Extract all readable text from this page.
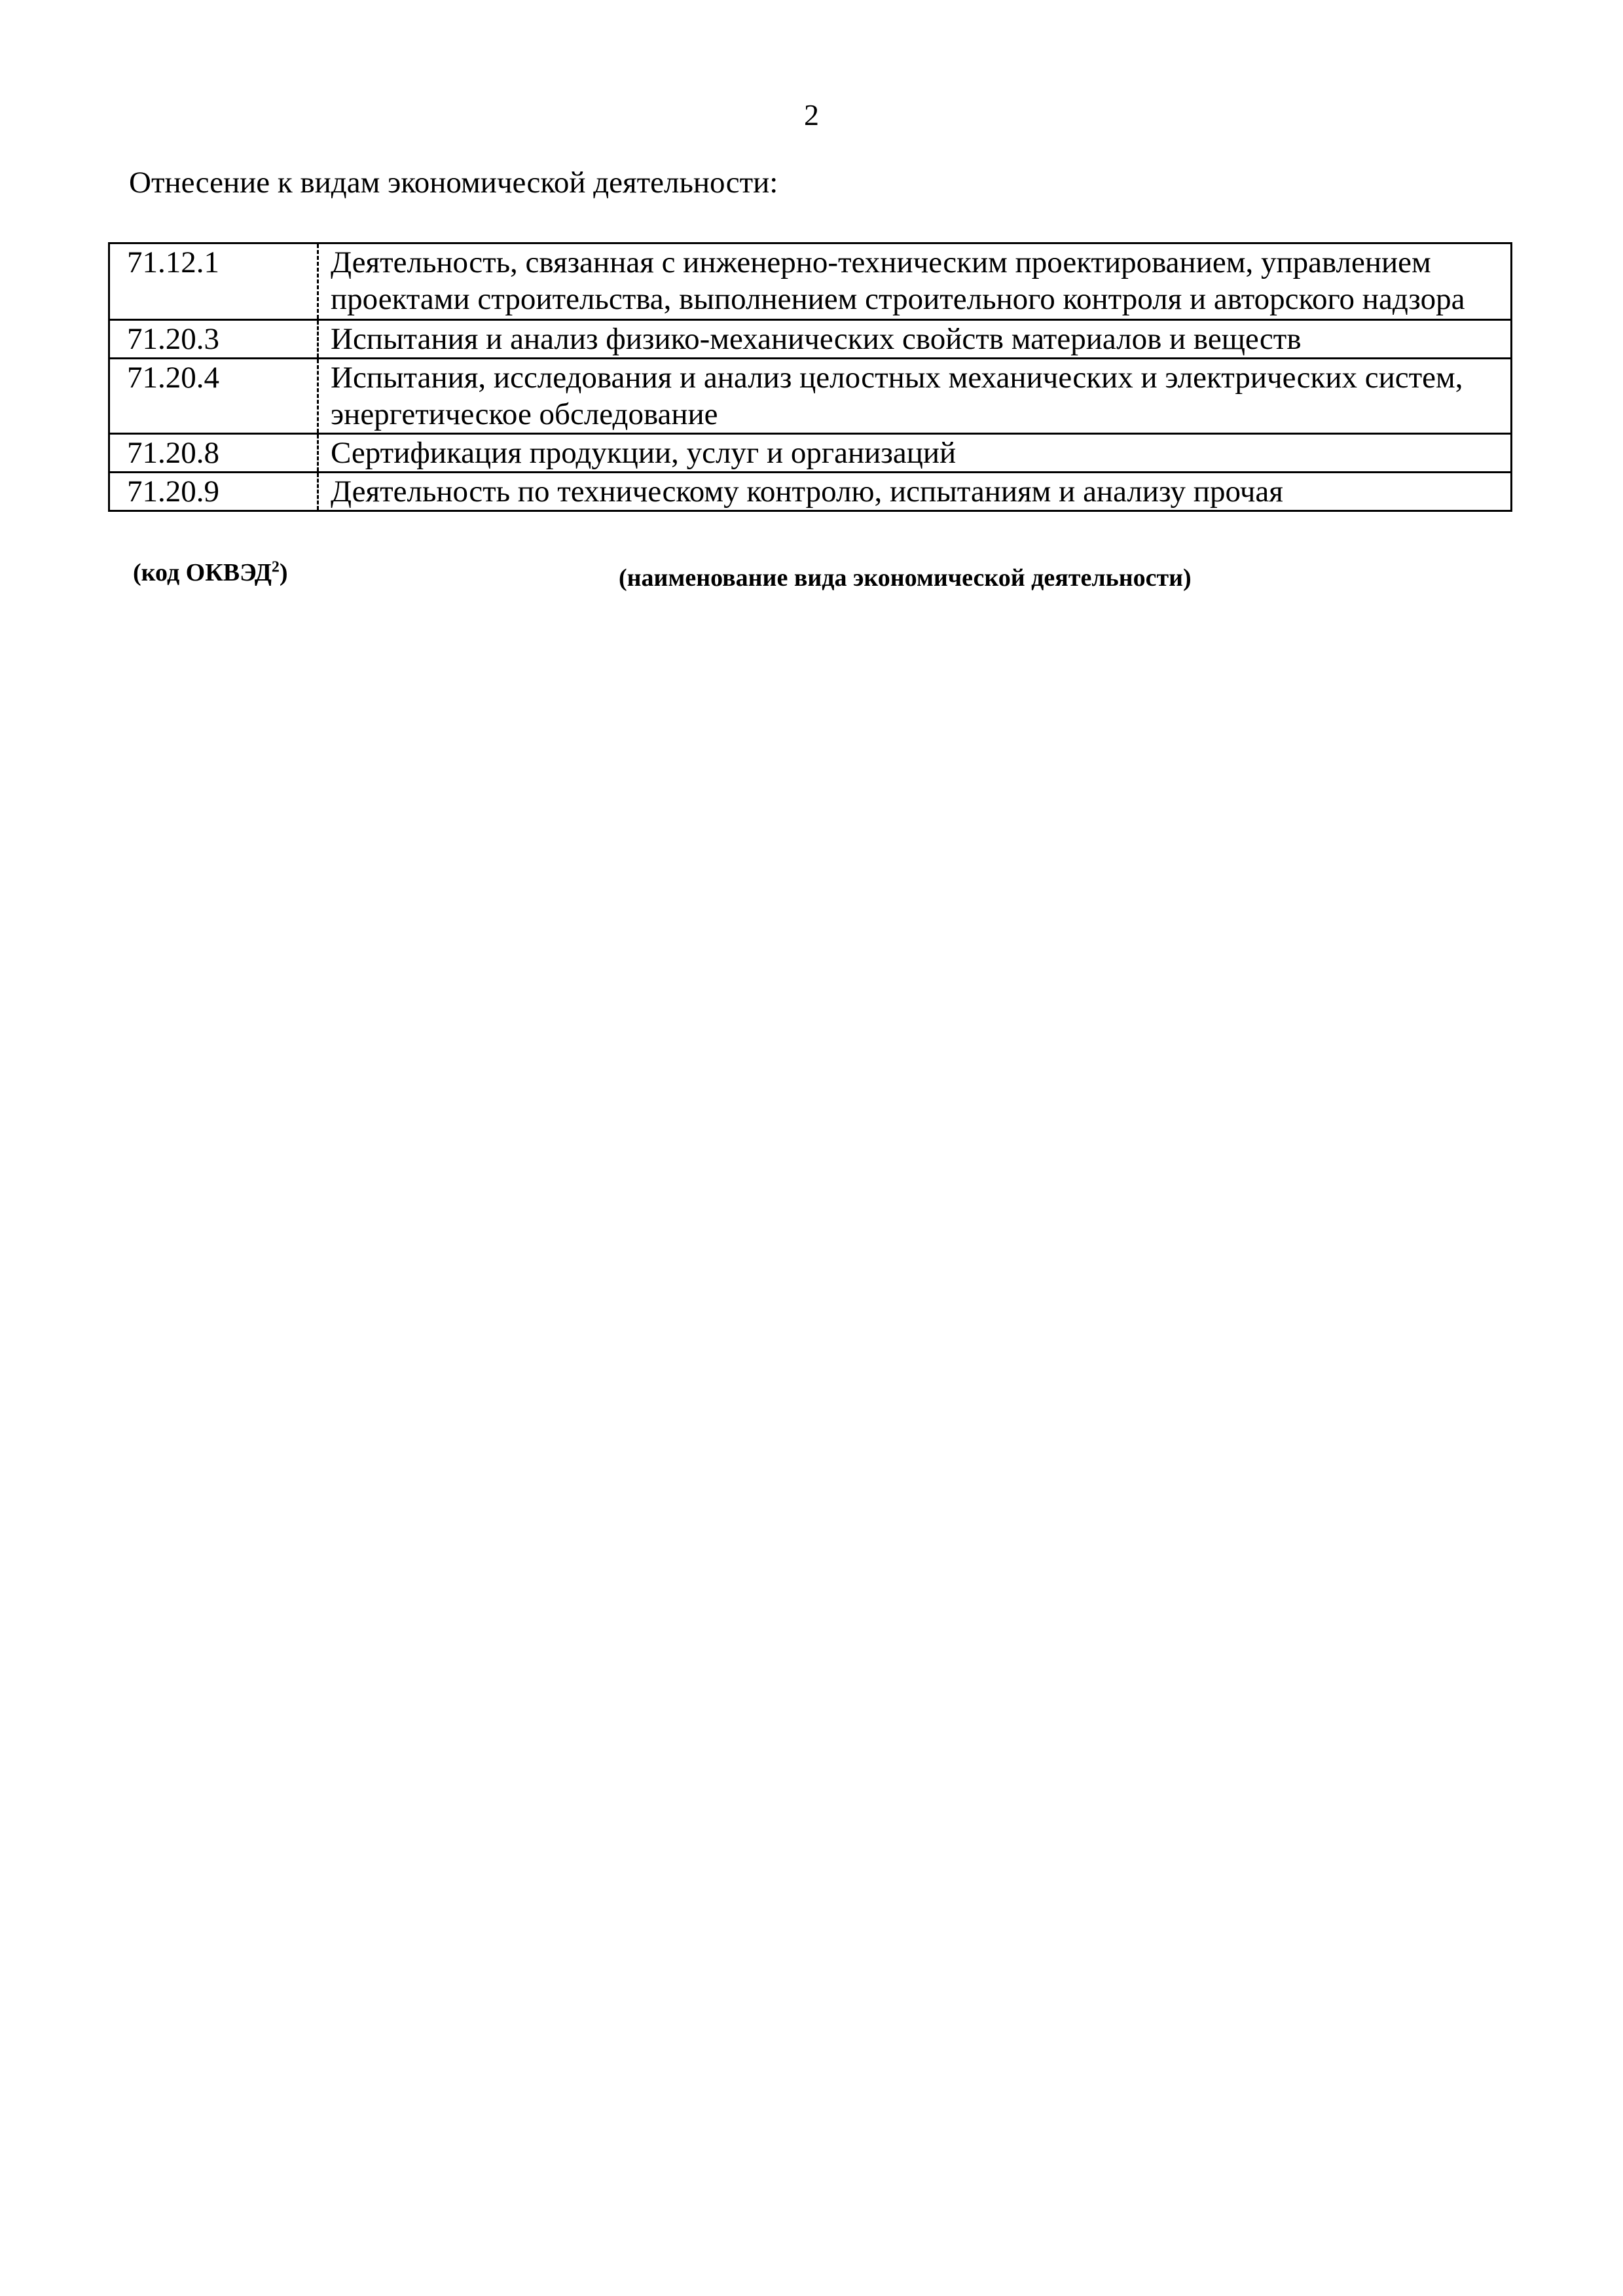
2
Отнесение к видам экономической деятельности:
71.12.1	Деятельность, связанная с инженерно-техническим проектированием, управлением проектами строительства, выполнением строительного контроля и авторского надзора
71.20.3	Испытания и анализ физико-механических свойств материалов и веществ
71.20.4	Испытания, исследования и анализ целостных механических и электрических систем, энергетическое обследование
71.20.8	Сертификация продукции, услуг и организаций
71.20.9	Деятельность по техническому контролю, испытаниям и анализу прочая
(код ОКВЭД$^2$)	(наименование вида экономической деятельности)
